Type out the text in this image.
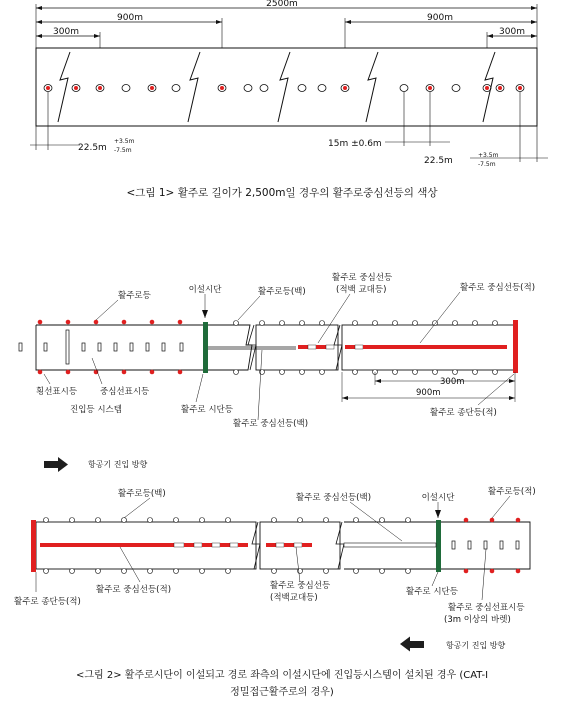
2500m
900m
300m
900m
300m
22.5m
+3.5m
-7.5m
15m ±0.6m
22.5m
+3.5m
-7.5m
<그림 1> 활주로 길이가 2,500m일 경우의 활주로중심선등의 색상
이설시단
활주로등	활주로등(백)
활주로 중심선등
(적백 교대등)	활주로 중심선등(적)
횡선표시등	중심선표시등
진입등 시스템	활주로 시단등
활주로 중심선등(백)
900m
300m
활주로 종단등(적)
항공기 진입 방향
활주로등(백)	활주로 중심선등(백)	이설시단
활주로등(적)
활주로 종단등(적)
활주로 중심선등(적)	활주로 중심선등
(적백교대등)
활주로 시단등
활주로 중심선표시등
(3m 이상의 바렛)
항공기 진입 방향
<그림 2> 활주로시단이 이설되고 경로 좌측의 이설시단에 진입등시스템이 설치된 경우 (CAT-I
정밀접근활주로의 경우)
